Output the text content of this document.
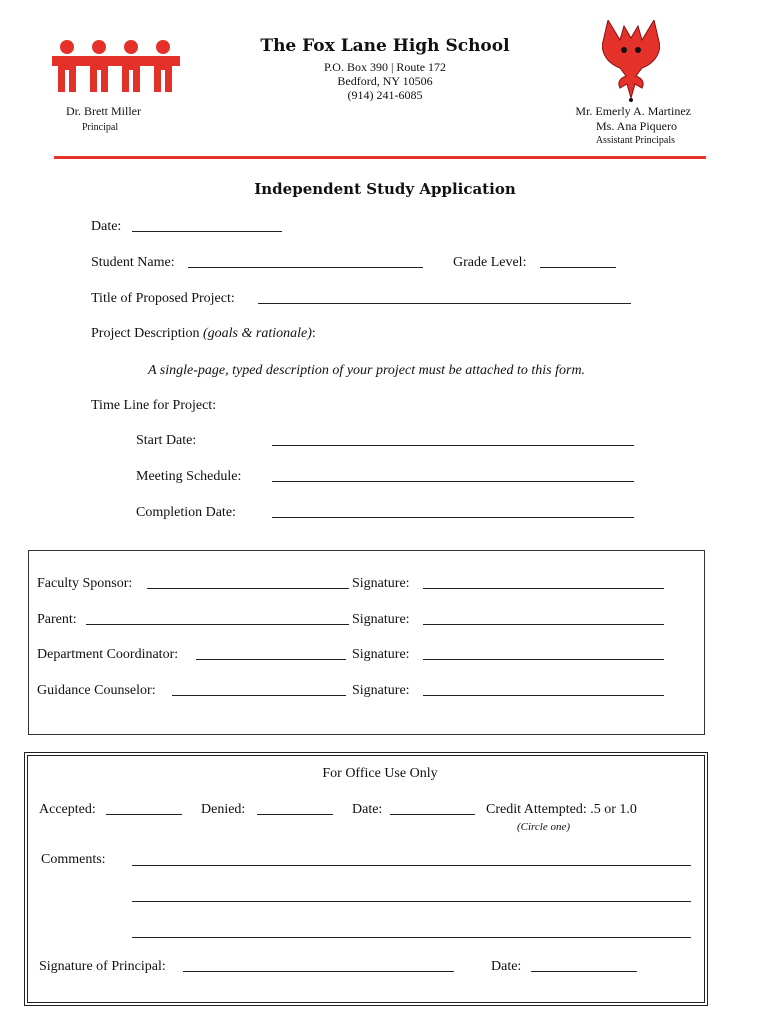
The Fox Lane High School
P.O. Box 390 | Route 172
Bedford, NY 10506
(914) 241-6085
Dr. Brett Miller
Principal
Mr. Emerly A. Martinez
Ms. Ana Piquero
Assistant Principals
Independent Study Application
Date:
Student Name:	Grade Level:
Title of Proposed Project:
Project Description (goals & rationale):
A single-page, typed description of your project must be attached to this form.
Time Line for Project:
Start Date:
Meeting Schedule:
Completion Date:
Faculty Sponsor:	Signature:
Parent:	Signature:
Department Coordinator:	Signature:
Guidance Counselor:	Signature:
For Office Use Only
Accepted:	Denied:	Date:	Credit Attempted: .5 or 1.0
(Circle one)
Comments:
Signature of Principal:	Date:
